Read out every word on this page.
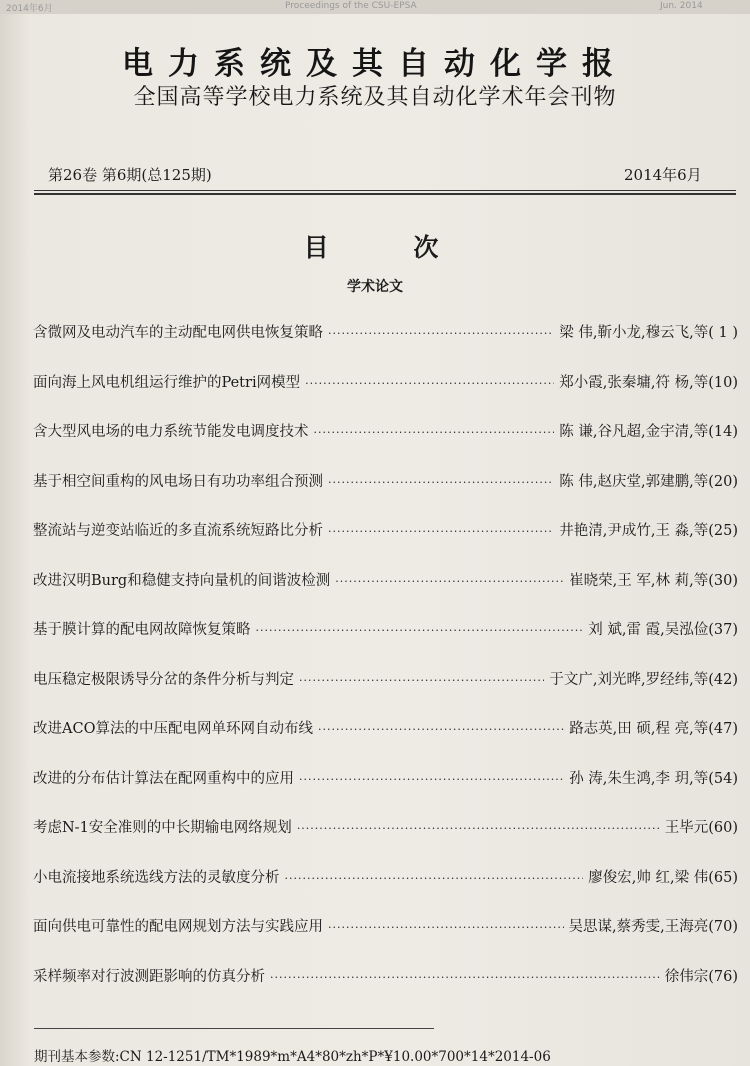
2014年6月	Proceedings of the CSU-EPSA	Jun. 2014
电力系统及其自动化学报
全国高等学校电力系统及其自动化学术年会刊物
第26卷 第6期(总125期)	2014年6月
目 次
学术论文
含微网及电动汽车的主动配电网供电恢复策略 ·····	梁 伟,靳小龙,穆云飞,等( 1 )
面向海上风电机组运行维护的Petri网模型 ·····	郑小霞,张秦墉,符 杨,等(10)
含大型风电场的电力系统节能发电调度技术 ·····	陈 谦,谷凡超,金宇清,等(14)
基于相空间重构的风电场日有功功率组合预测 ·····	陈 伟,赵庆堂,郭建鹏,等(20)
整流站与逆变站临近的多直流系统短路比分析 ·····	井艳清,尹成竹,王 淼,等(25)
改进汉明Burg和稳健支持向量机的间谐波检测 ·····	崔晓荣,王 军,林 莉,等(30)
基于膜计算的配电网故障恢复策略 ·····	刘 斌,雷 霞,吴泓俭(37)
电压稳定极限诱导分岔的条件分析与判定 ·····	于文广,刘光晔,罗经纬,等(42)
改进ACO算法的中压配电网单环网自动布线 ·····	路志英,田 硕,程 亮,等(47)
改进的分布估计算法在配网重构中的应用 ·····	孙 涛,朱生鸿,李 玥,等(54)
考虑N-1安全准则的中长期输电网络规划 ·····	王毕元(60)
小电流接地系统选线方法的灵敏度分析 ·····	廖俊宏,帅 红,梁 伟(65)
面向供电可靠性的配电网规划方法与实践应用 ·····	吴思谋,蔡秀雯,王海亮(70)
采样频率对行波测距影响的仿真分析 ·····	徐伟宗(76)
期刊基本参数:CN 12-1251/TM*1989*m*A4*80*zh*P*¥10.00*700*14*2014-06
